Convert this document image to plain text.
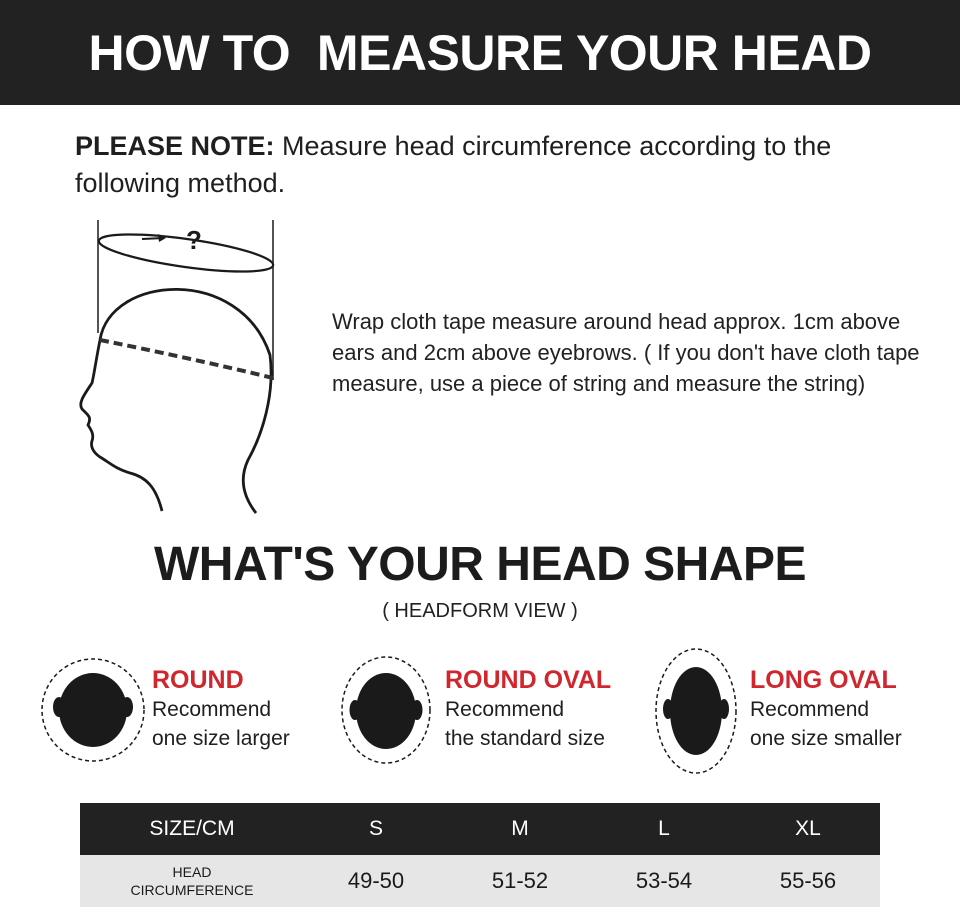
HOW TO  MEASURE YOUR HEAD
PLEASE NOTE: Measure head circumference according to the following method.
?
Wrap cloth tape measure around head approx. 1cm above ears and 2cm above eyebrows. ( If you don't have cloth tape measure, use a piece of string and measure the string)
WHAT'S YOUR HEAD SHAPE
( HEADFORM VIEW )
ROUND
Recommend
one size larger
ROUND OVAL
Recommend
the standard size
LONG OVAL
Recommend
one size smaller
SIZE/CM	S	M	L	XL

HEAD
CIRCUMFERENCE	49-50	51-52	53-54	55-56
